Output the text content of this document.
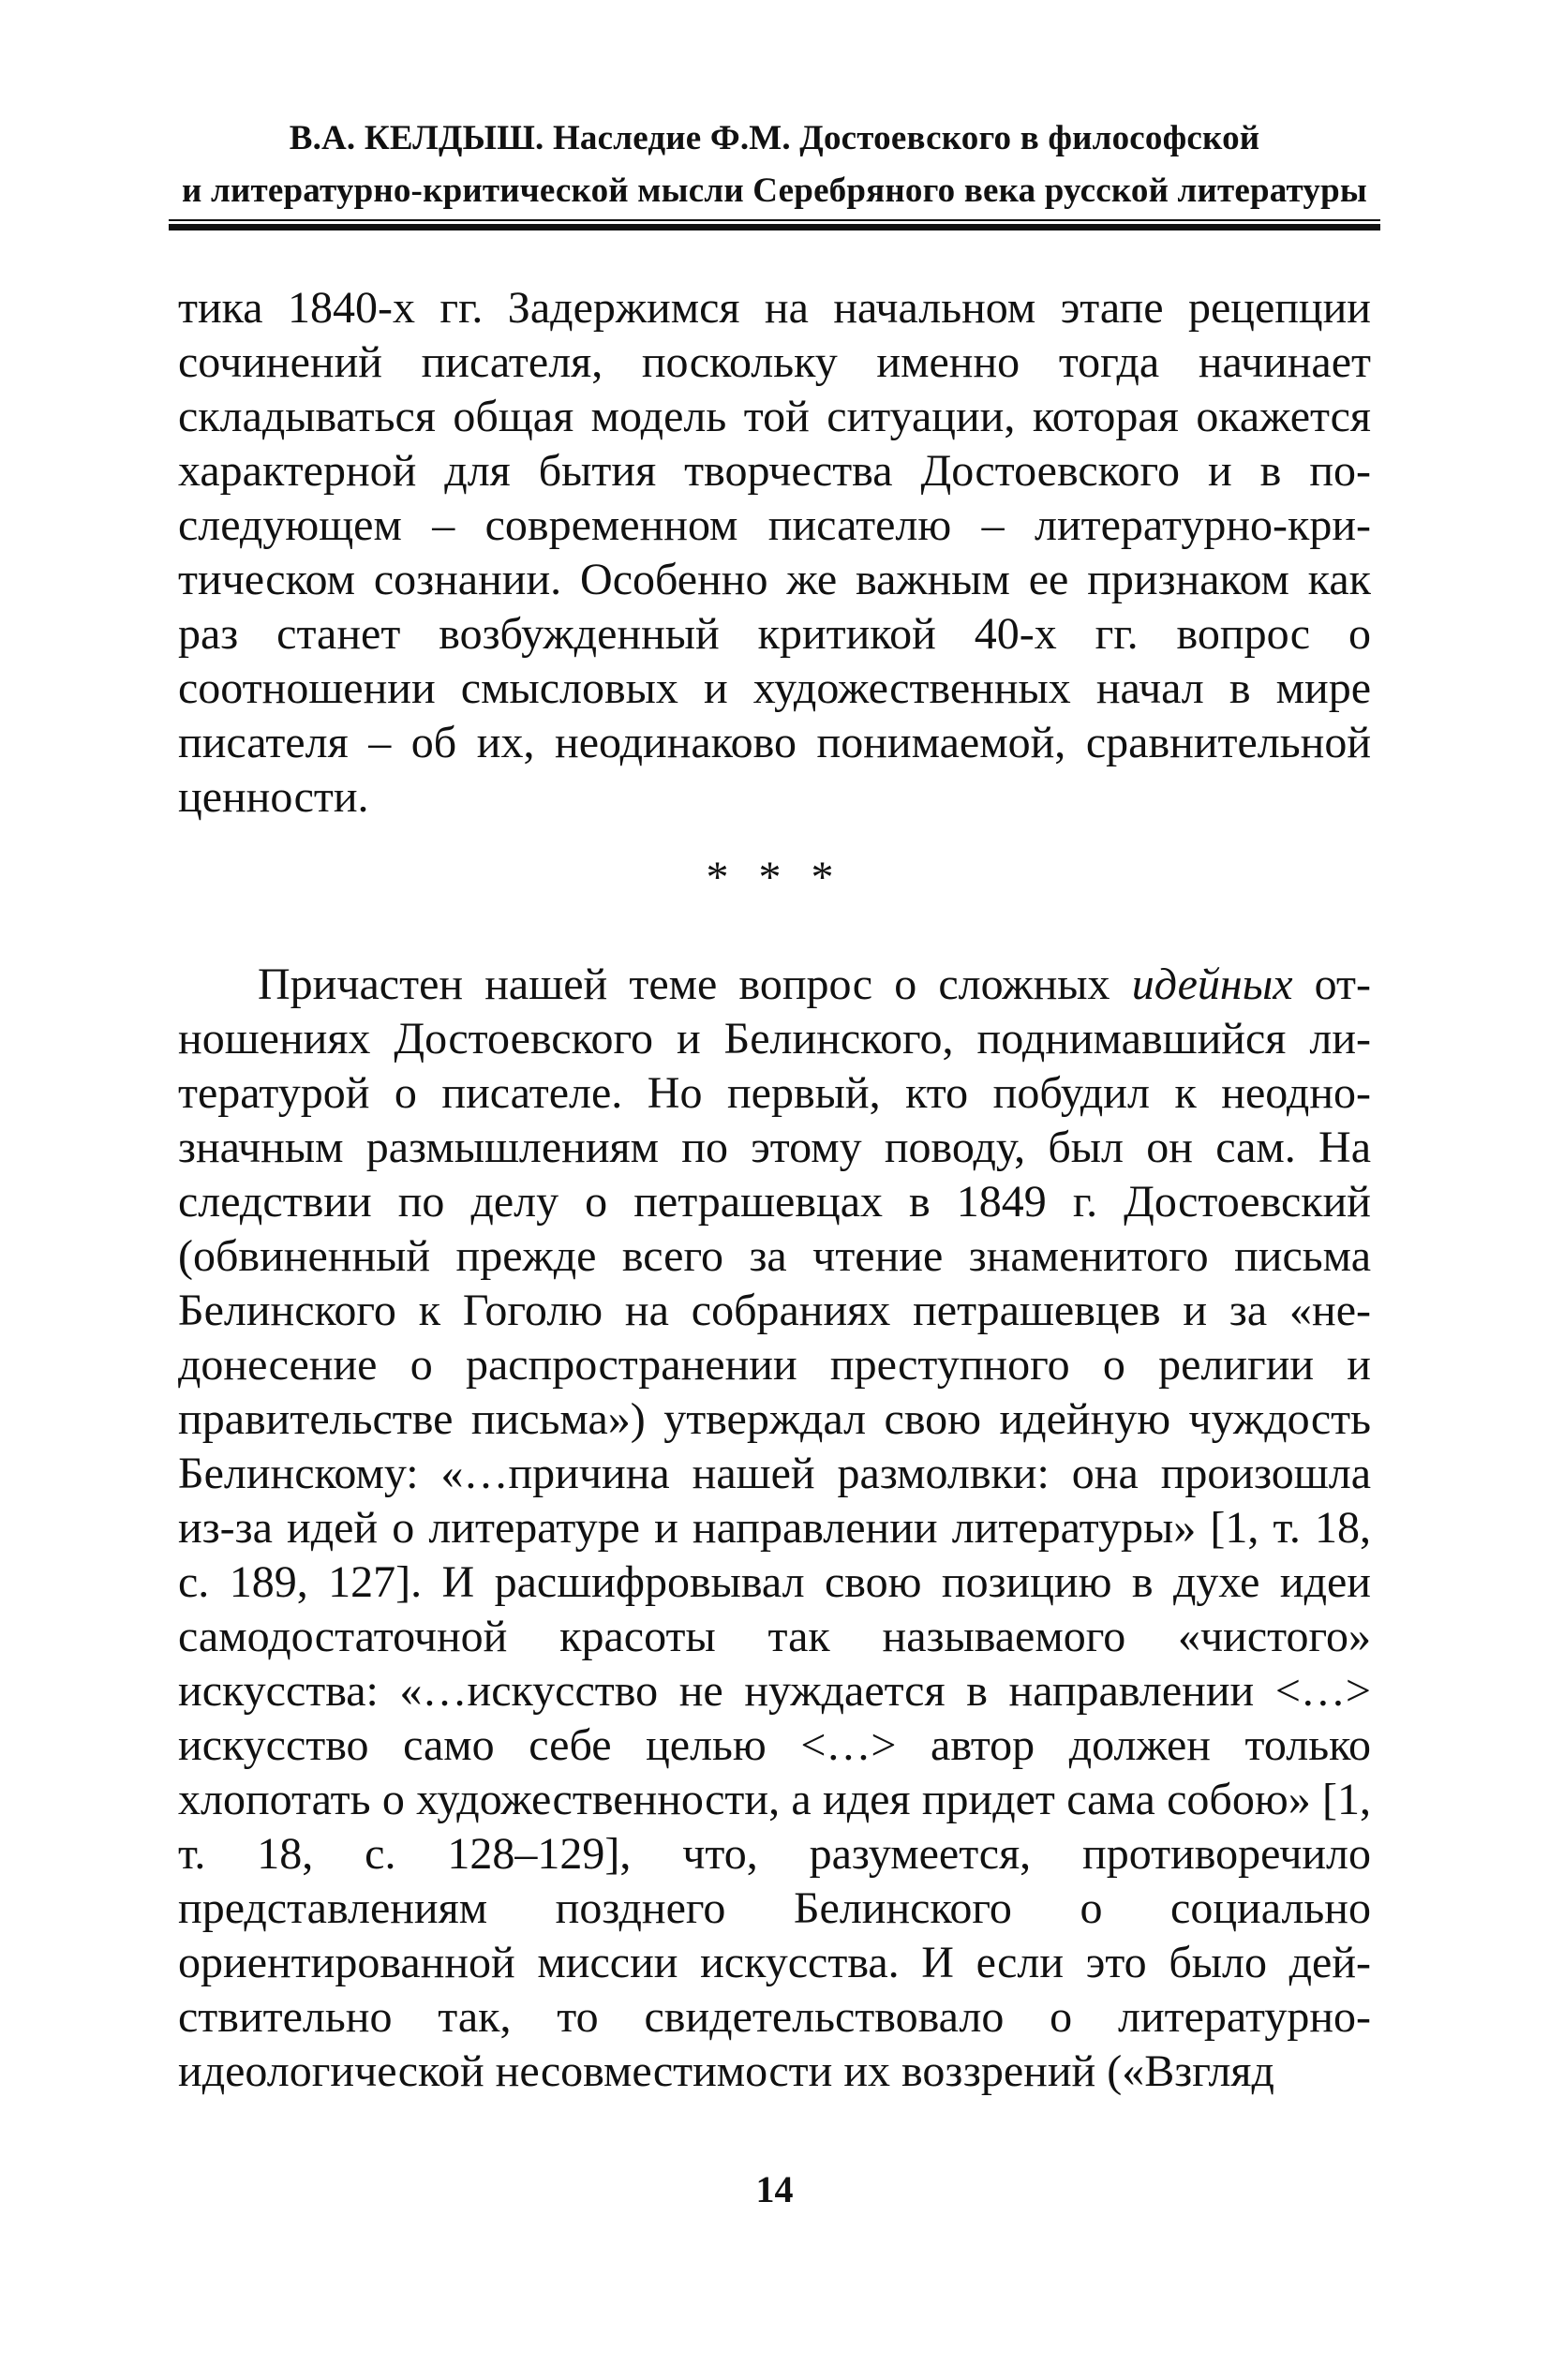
В.А. КЕЛДЫШ. Наследие Ф.М. Достоевского в философской
и литературно-критической мысли Серебряного века русской литературы

тика 1840-х гг. Задержимся на начальном этапе рецепции сочинений писателя, поскольку именно тогда начинает складываться общая модель той ситуации, которая окажется характерной для бытия творчества Достоевского и в последующем – современном писателю – литературно-критическом сознании. Особенно же важным ее признаком как раз станет возбужденный критикой 40-х гг. вопрос о соотношении смысловых и художественных начал в мире писателя – об их, неодинаково понимаемой, сравнительной ценности.

* * *

Причастен нашей теме вопрос о сложных идейных отношениях Достоевского и Белинского, поднимавшийся литературой о писателе. Но первый, кто побудил к неоднозначным размышлениям по этому поводу, был он сам. На следствии по делу о петрашевцах в 1849 г. Достоевский (обвиненный прежде всего за чтение знаменитого письма Белинского к Гоголю на собраниях петрашевцев и за «недонесение о распространении преступного о религии и правительстве письма») утверждал свою идейную чуждость Белинскому: «…причина нашей размолвки: она произошла из-за идей о литературе и направлении литературы» [1, т. 18, с. 189, 127]. И расшифровывал свою позицию в духе идеи самодостаточной красоты так называемого «чистого» искусства: «…искусство не нуждается в направлении <…> искусство само себе целью <…> автор должен только хлопотать о художественности, а идея придет сама собою» [1, т. 18, с. 128–129], что, разумеется, противоречило представлениям позднего Белинского о социально ориентированной миссии искусства. И если это было действительно так, то свидетельствовало о литературно-идеологической несовместимости их воззрений («Взгляд

14
